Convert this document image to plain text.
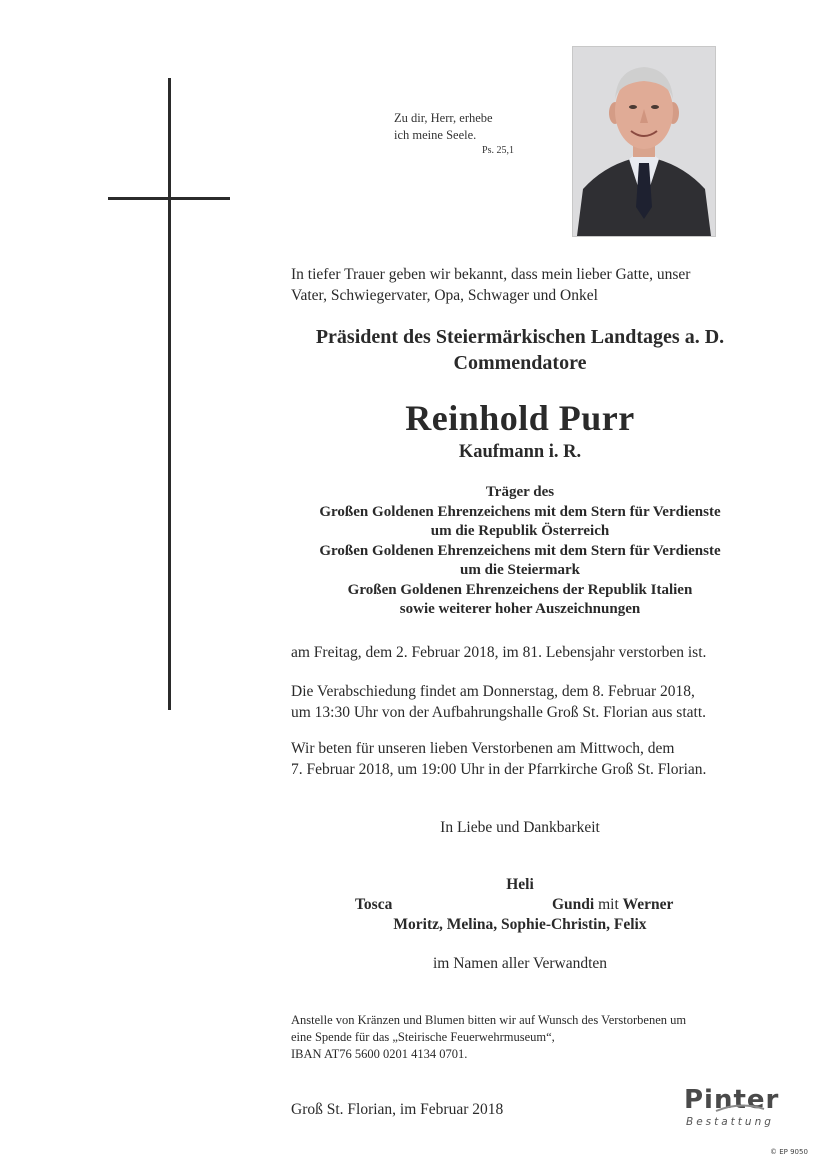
Zu dir, Herr, erhebe
ich meine Seele.
Ps. 25,1
In tiefer Trauer geben wir bekannt, dass mein lieber Gatte, unser
Vater, Schwiegervater, Opa, Schwager und Onkel
Präsident des Steiermärkischen Landtages a. D.
Commendatore
Reinhold Purr
Kaufmann i. R.
Träger des
Großen Goldenen Ehrenzeichens mit dem Stern für Verdienste
um die Republik Österreich
Großen Goldenen Ehrenzeichens mit dem Stern für Verdienste
um die Steiermark
Großen Goldenen Ehrenzeichens der Republik Italien
sowie weiterer hoher Auszeichnungen
am Freitag, dem 2. Februar 2018, im 81. Lebensjahr verstorben ist.
Die Verabschiedung findet am Donnerstag, dem 8. Februar 2018,
um 13:30 Uhr von der Aufbahrungshalle Groß St. Florian aus statt.
Wir beten für unseren lieben Verstorbenen am Mittwoch, dem
7. Februar 2018, um 19:00 Uhr in der Pfarrkirche Groß St. Florian.
In Liebe und Dankbarkeit
Heli
Tosca	Gundi mit Werner
Moritz, Melina, Sophie-Christin, Felix
im Namen aller Verwandten
Anstelle von Kränzen und Blumen bitten wir auf Wunsch des Verstorbenen um
eine Spende für das „Steirische Feuerwehrmuseum“,
IBAN AT76 5600 0201 4134 0701.
Groß St. Florian, im Februar 2018	Pinter
Bestattung
© EP 9050
